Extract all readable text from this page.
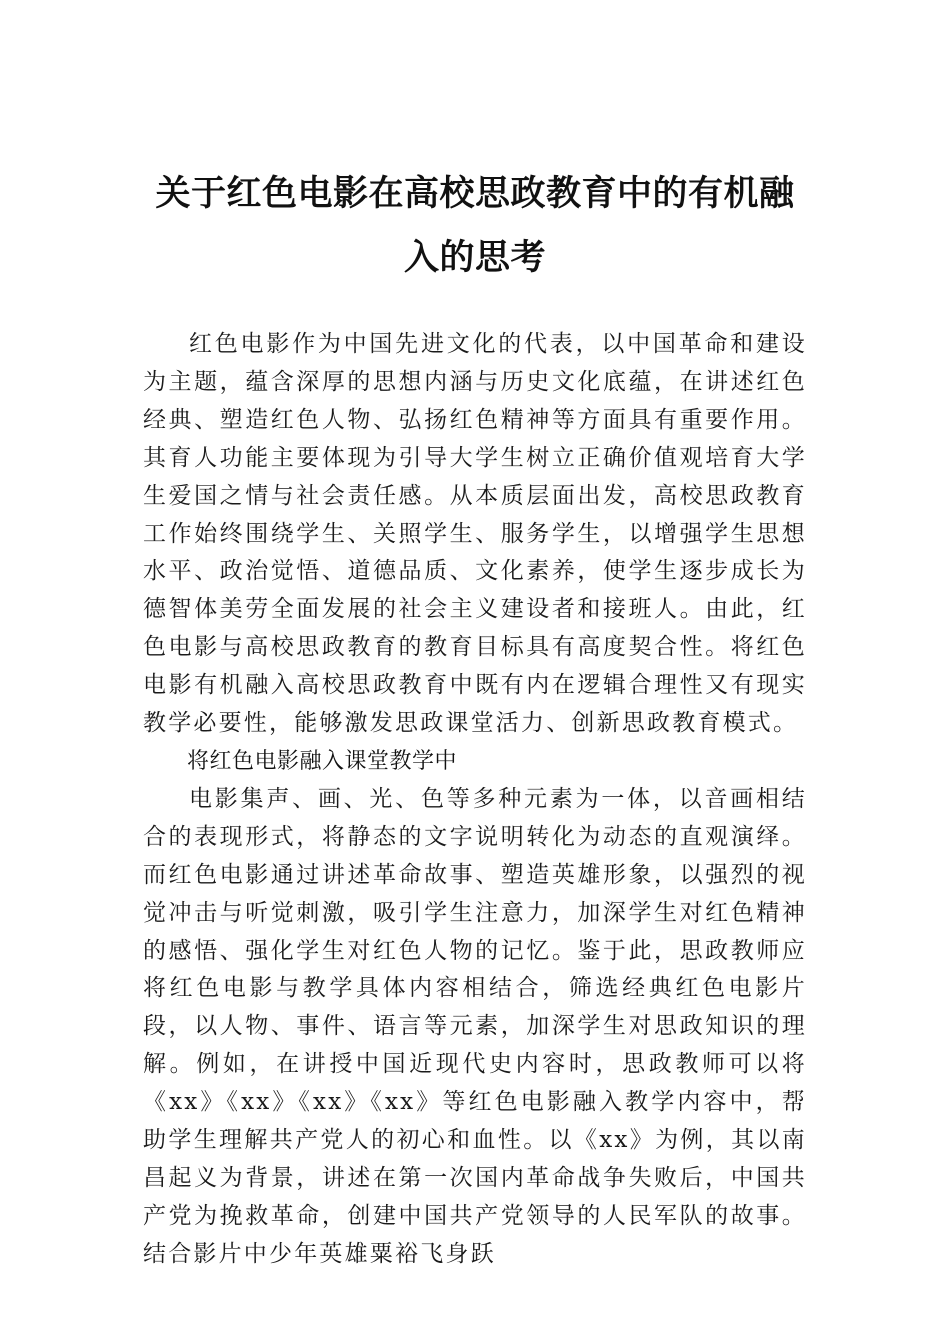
关于红色电影在高校思政教育中的有机融
入的思考

红色电影作为中国先进文化的代表，以中国革命和建设为主题，蕴含深厚的思想内涵与历史文化底蕴，在讲述红色经典、塑造红色人物、弘扬红色精神等方面具有重要作用。其育人功能主要体现为引导大学生树立正确价值观培育大学生爱国之情与社会责任感。从本质层面出发，高校思政教育工作始终围绕学生、关照学生、服务学生，以增强学生思想水平、政治觉悟、道德品质、文化素养，使学生逐步成长为德智体美劳全面发展的社会主义建设者和接班人。由此，红色电影与高校思政教育的教育目标具有高度契合性。将红色电影有机融入高校思政教育中既有内在逻辑合理性又有现实教学必要性，能够激发思政课堂活力、创新思政教育模式。

将红色电影融入课堂教学中

电影集声、画、光、色等多种元素为一体，以音画相结合的表现形式，将静态的文字说明转化为动态的直观演绎。而红色电影通过讲述革命故事、塑造英雄形象，以强烈的视觉冲击与听觉刺激，吸引学生注意力，加深学生对红色精神的感悟、强化学生对红色人物的记忆。鉴于此，思政教师应将红色电影与教学具体内容相结合，筛选经典红色电影片段，以人物、事件、语言等元素，加深学生对思政知识的理解。例如，在讲授中国近现代史内容时，思政教师可以将《xx》《xx》《xx》《xx》等红色电影融入教学内容中，帮助学生理解共产党人的初心和血性。以《xx》为例，其以南昌起义为背景，讲述在第一次国内革命战争失败后，中国共产党为挽救革命，创建中国共产党领导的人民军队的故事。结合影片中少年英雄粟裕飞身跃
